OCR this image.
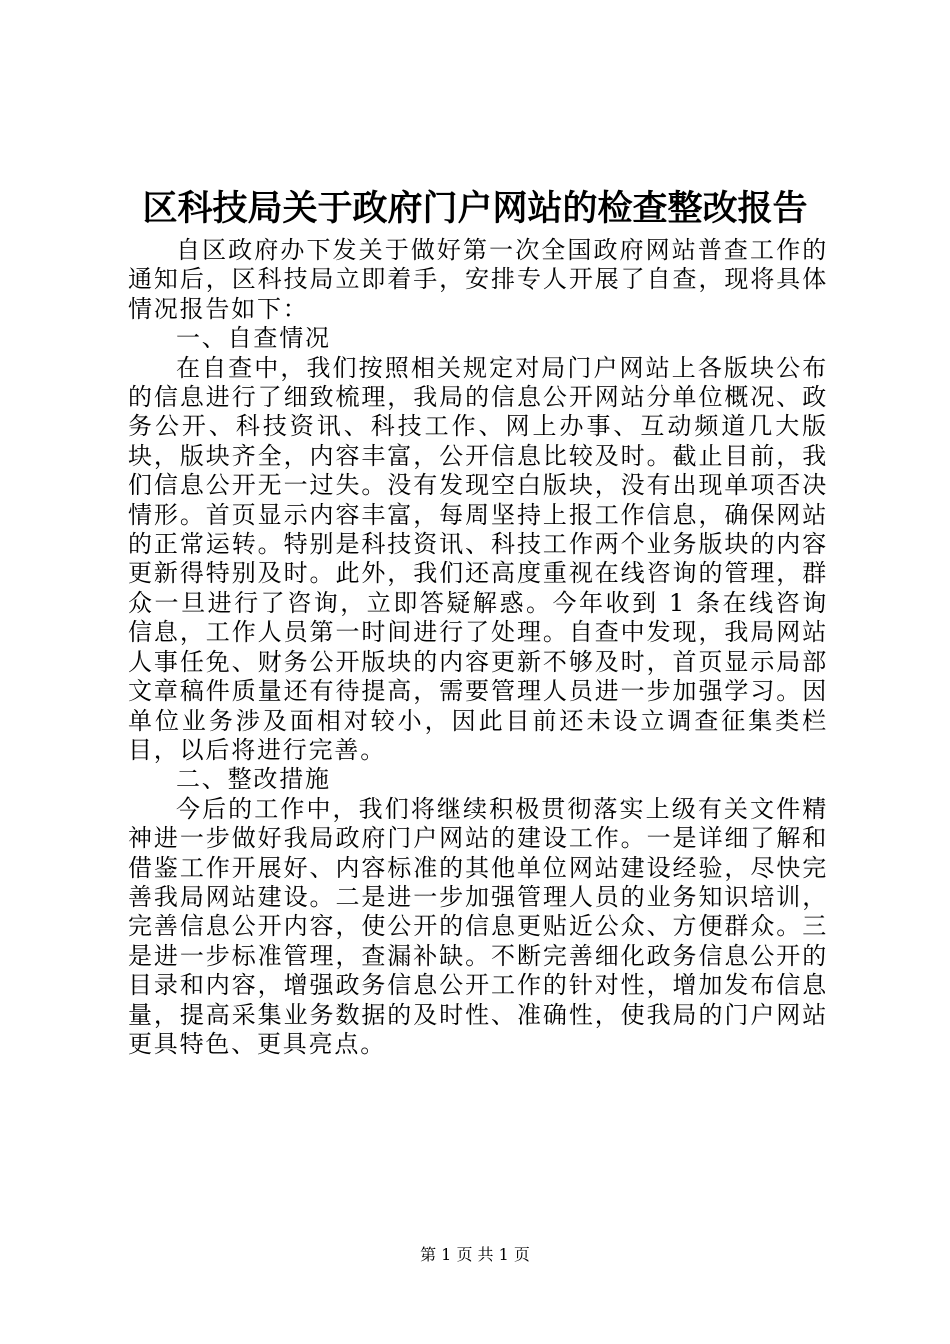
区科技局关于政府门户网站的检查整改报告

自区政府办下发关于做好第一次全国政府网站普查工作的通知后，区科技局立即着手，安排专人开展了自查，现将具体情况报告如下：

一、自查情况

在自查中，我们按照相关规定对局门户网站上各版块公布的信息进行了细致梳理，我局的信息公开网站分单位概况、政务公开、科技资讯、科技工作、网上办事、互动频道几大版块，版块齐全，内容丰富，公开信息比较及时。截止目前，我们信息公开无一过失。没有发现空白版块，没有出现单项否决情形。首页显示内容丰富，每周坚持上报工作信息，确保网站的正常运转。特别是科技资讯、科技工作两个业务版块的内容更新得特别及时。此外，我们还高度重视在线咨询的管理，群众一旦进行了咨询，立即答疑解惑。今年收到 1 条在线咨询信息，工作人员第一时间进行了处理。自查中发现，我局网站人事任免、财务公开版块的内容更新不够及时，首页显示局部文章稿件质量还有待提高，需要管理人员进一步加强学习。因单位业务涉及面相对较小，因此目前还未设立调查征集类栏目，以后将进行完善。

二、整改措施

今后的工作中，我们将继续积极贯彻落实上级有关文件精神进一步做好我局政府门户网站的建设工作。一是详细了解和借鉴工作开展好、内容标准的其他单位网站建设经验，尽快完善我局网站建设。二是进一步加强管理人员的业务知识培训，完善信息公开内容，使公开的信息更贴近公众、方便群众。三是进一步标准管理，查漏补缺。不断完善细化政务信息公开的目录和内容，增强政务信息公开工作的针对性，增加发布信息量，提高采集业务数据的及时性、准确性，使我局的门户网站更具特色、更具亮点。

第 1 页 共 1 页
